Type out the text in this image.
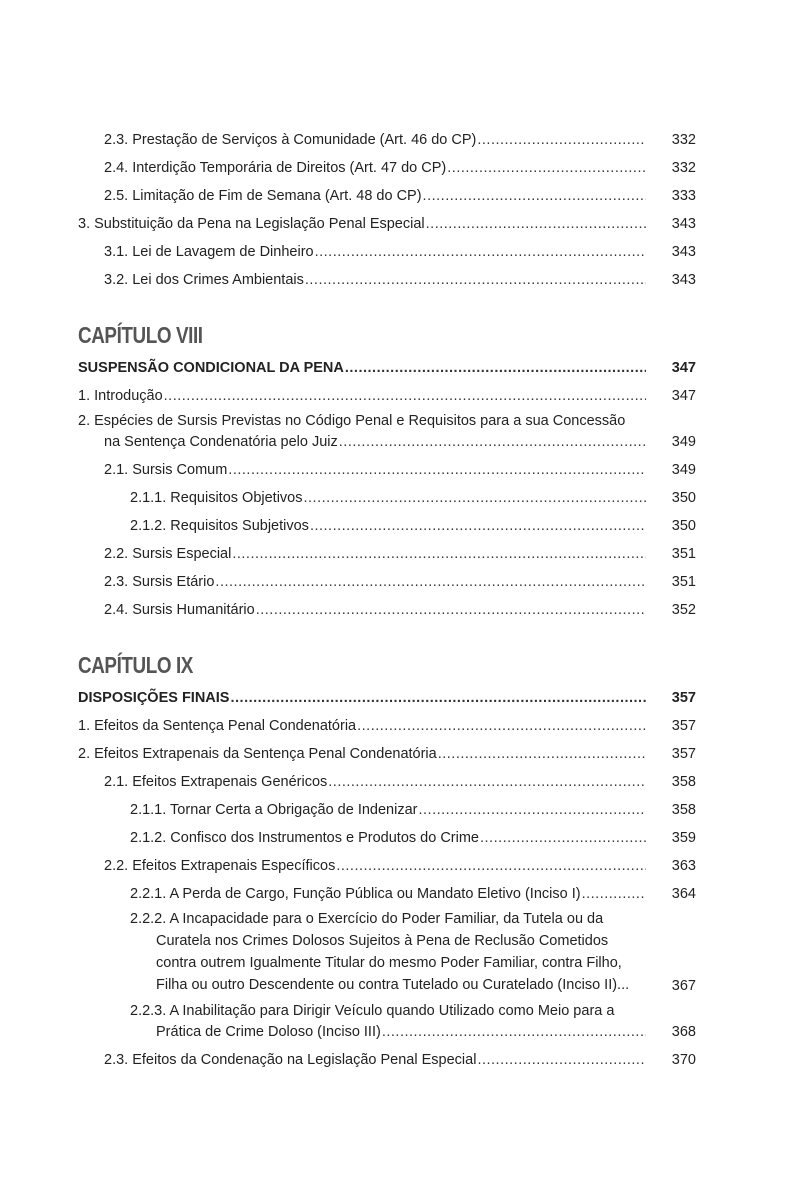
2.3. Prestação de Serviços à Comunidade (Art. 46 do CP) .....	332
2.4. Interdição Temporária de Direitos (Art. 47 do CP) .....	332
2.5. Limitação de Fim de Semana (Art. 48 do CP) .....	333
3. Substituição da Pena na Legislação Penal Especial .....	343
3.1. Lei de Lavagem de Dinheiro .....	343
3.2. Lei dos Crimes Ambientais .....	343
CAPÍTULO VIII
SUSPENSÃO CONDICIONAL DA PENA .....	347
1. Introdução .....	347
2. Espécies de Sursis Previstas no Código Penal e Requisitos para a sua Concessão
na Sentença Condenatória pelo Juiz .....	349
2.1. Sursis Comum .....	349
2.1.1. Requisitos Objetivos .....	350
2.1.2. Requisitos Subjetivos .....	350
2.2. Sursis Especial .....	351
2.3. Sursis Etário .....	351
2.4. Sursis Humanitário .....	352
CAPÍTULO IX
DISPOSIÇÕES FINAIS .....	357
1. Efeitos da Sentença Penal Condenatória .....	357
2. Efeitos Extrapenais da Sentença Penal Condenatória .....	357
2.1. Efeitos Extrapenais Genéricos .....	358
2.1.1. Tornar Certa a Obrigação de Indenizar .....	358
2.1.2. Confisco dos Instrumentos e Produtos do Crime .....	359
2.2. Efeitos Extrapenais Específicos .....	363
2.2.1. A Perda de Cargo, Função Pública ou Mandato Eletivo (Inciso I) .....	364
2.2.2. A Incapacidade para o Exercício do Poder Familiar, da Tutela ou da
Curatela nos Crimes Dolosos Sujeitos à Pena de Reclusão Cometidos
contra outrem Igualmente Titular do mesmo Poder Familiar, contra Filho,
Filha ou outro Descendente ou contra Tutelado ou Curatelado (Inciso II)...	367
2.2.3. A Inabilitação para Dirigir Veículo quando Utilizado como Meio para a
Prática de Crime Doloso (Inciso III) .....	368
2.3. Efeitos da Condenação na Legislação Penal Especial .....	370
